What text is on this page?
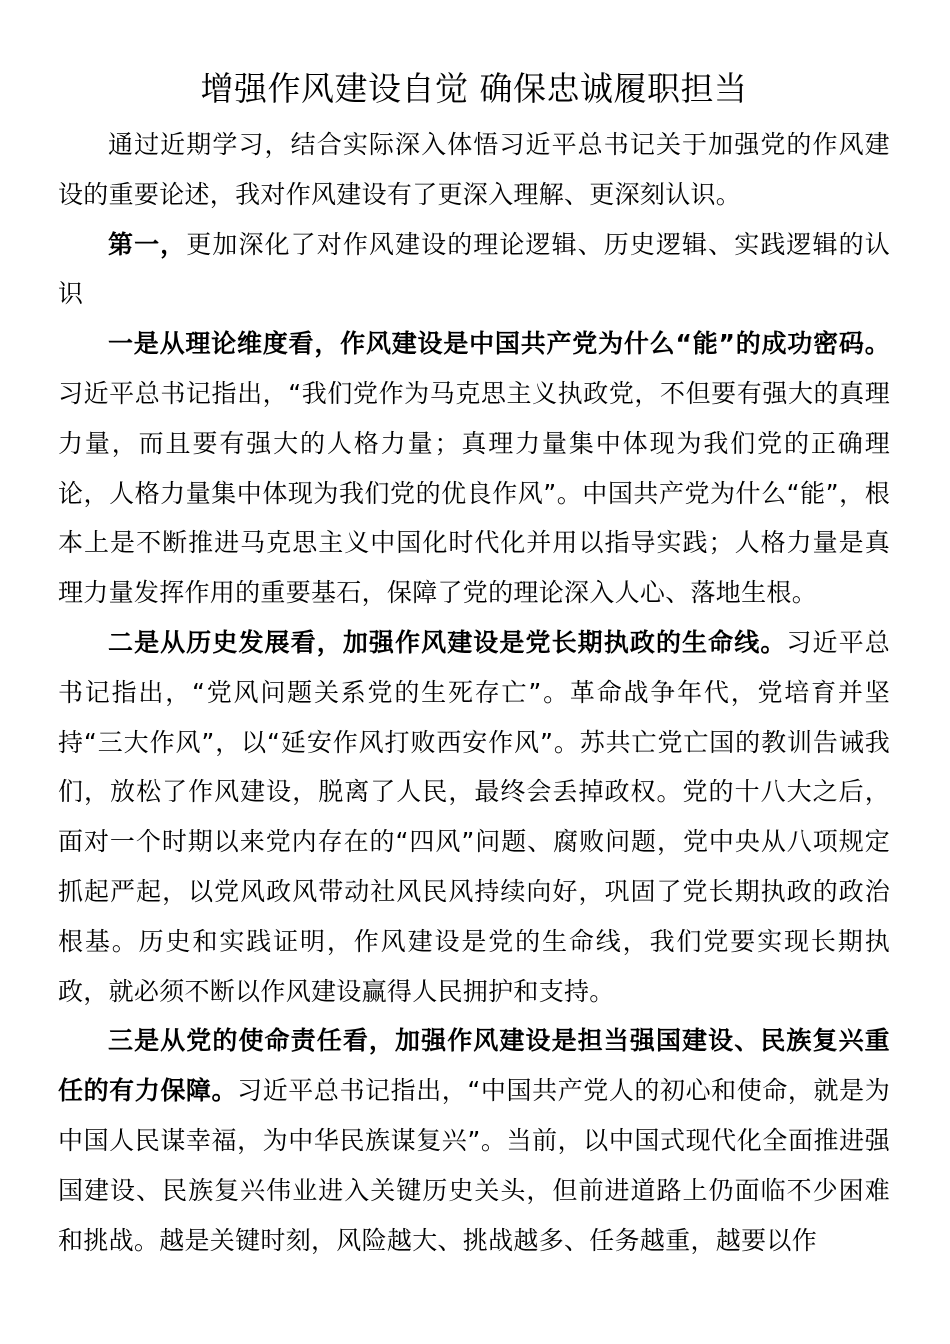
增强作风建设自觉 确保忠诚履职担当

通过近期学习，结合实际深入体悟习近平总书记关于加强党的作风建设的重要论述，我对作风建设有了更深入理解、更深刻认识。

第一，更加深化了对作风建设的理论逻辑、历史逻辑、实践逻辑的认识

一是从理论维度看，作风建设是中国共产党为什么“能”的成功密码。习近平总书记指出，“我们党作为马克思主义执政党，不但要有强大的真理力量，而且要有强大的人格力量；真理力量集中体现为我们党的正确理论，人格力量集中体现为我们党的优良作风”。中国共产党为什么“能”，根本上是不断推进马克思主义中国化时代化并用以指导实践；人格力量是真理力量发挥作用的重要基石，保障了党的理论深入人心、落地生根。

二是从历史发展看，加强作风建设是党长期执政的生命线。习近平总书记指出，“党风问题关系党的生死存亡”。革命战争年代，党培育并坚持“三大作风”，以“延安作风打败西安作风”。苏共亡党亡国的教训告诫我们，放松了作风建设，脱离了人民，最终会丢掉政权。党的十八大之后，面对一个时期以来党内存在的“四风”问题、腐败问题，党中央从八项规定抓起严起，以党风政风带动社风民风持续向好，巩固了党长期执政的政治根基。历史和实践证明，作风建设是党的生命线，我们党要实现长期执政，就必须不断以作风建设赢得人民拥护和支持。

三是从党的使命责任看，加强作风建设是担当强国建设、民族复兴重任的有力保障。习近平总书记指出，“中国共产党人的初心和使命，就是为中国人民谋幸福，为中华民族谋复兴”。当前，以中国式现代化全面推进强国建设、民族复兴伟业进入关键历史关头，但前进道路上仍面临不少困难和挑战。越是关键时刻，风险越大、挑战越多、任务越重，越要以作
